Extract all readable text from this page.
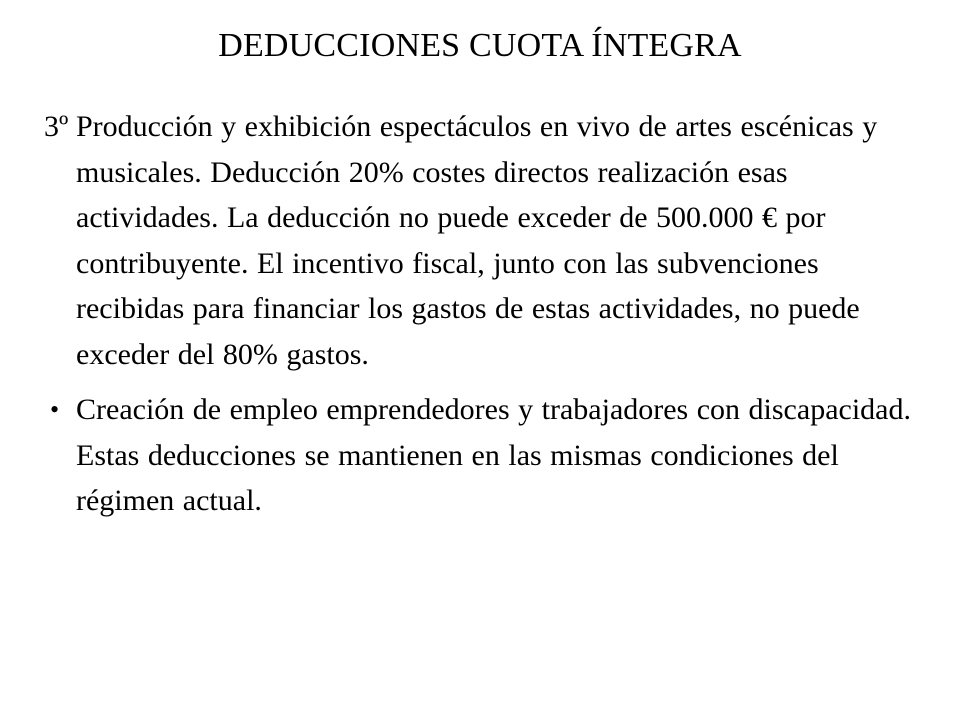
DEDUCCIONES CUOTA ÍNTEGRA
3º Producción y exhibición espectáculos en vivo de artes escénicas y musicales. Deducción 20% costes directos realización esas actividades. La deducción no puede exceder de 500.000 € por contribuyente. El incentivo fiscal, junto con las subvenciones recibidas para financiar los gastos de estas actividades, no puede exceder del 80% gastos.
• Creación de empleo emprendedores y trabajadores con discapacidad. Estas deducciones se mantienen en las mismas condiciones del régimen actual.
